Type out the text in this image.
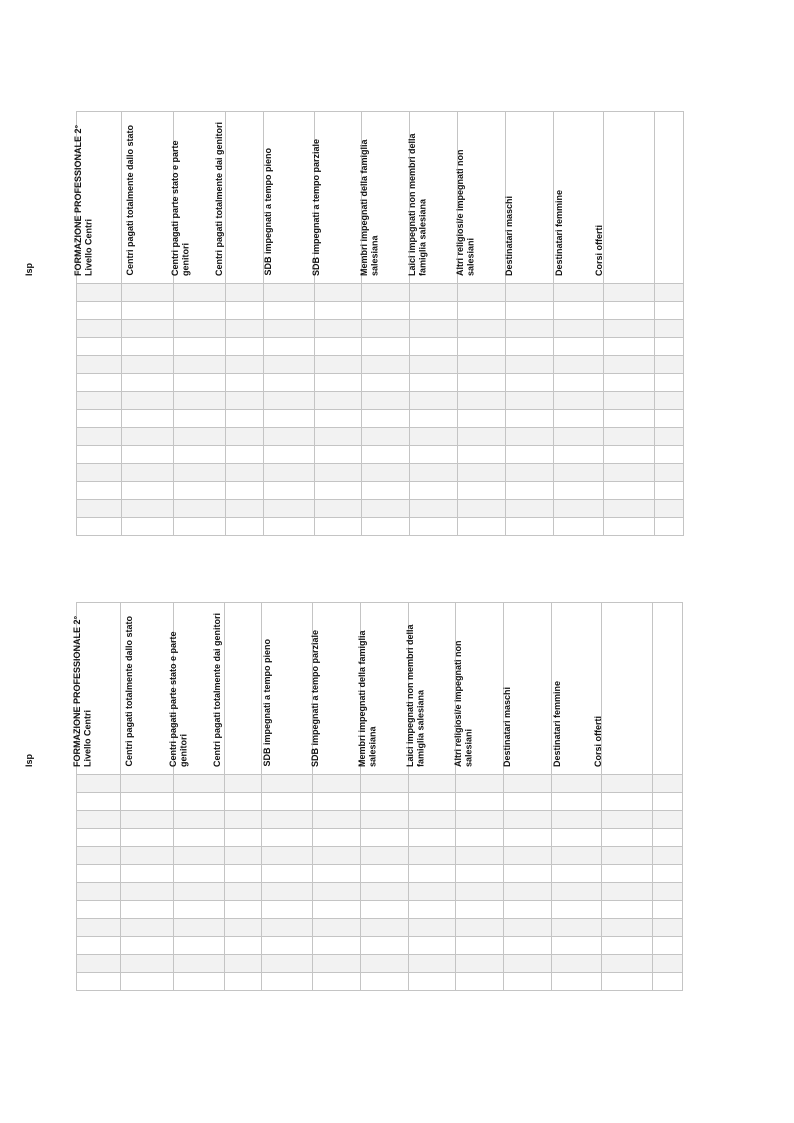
Isp	FORMAZIONE PROFESSIONALE 2° Livello Centri	Centri pagati totalmente dallo stato	Centri pagati parte stato e parte genitori	Centri pagati totalmente dai genitori	SDB impegnati a tempo pieno	SDB impegnati a tempo parziale	Membri impegnati della famiglia salesiana	Laici impegnati non membri della famiglia salesiana	Altri religiosi/e impegnati non salesiani	Destinatari maschi	Destinatari femmine	Corsi offerti

Isp	FORMAZIONE PROFESSIONALE 2° Livello Centri	Centri pagati totalmente dallo stato	Centri pagati parte stato e parte genitori	Centri pagati totalmente dai genitori	SDB impegnati a tempo pieno	SDB impegnati a tempo parziale	Membri impegnati della famiglia salesiana	Laici impegnati non membri della famiglia salesiana	Altri religiosi/e impegnati non salesiani	Destinatari maschi	Destinatari femmine	Corsi offerti
